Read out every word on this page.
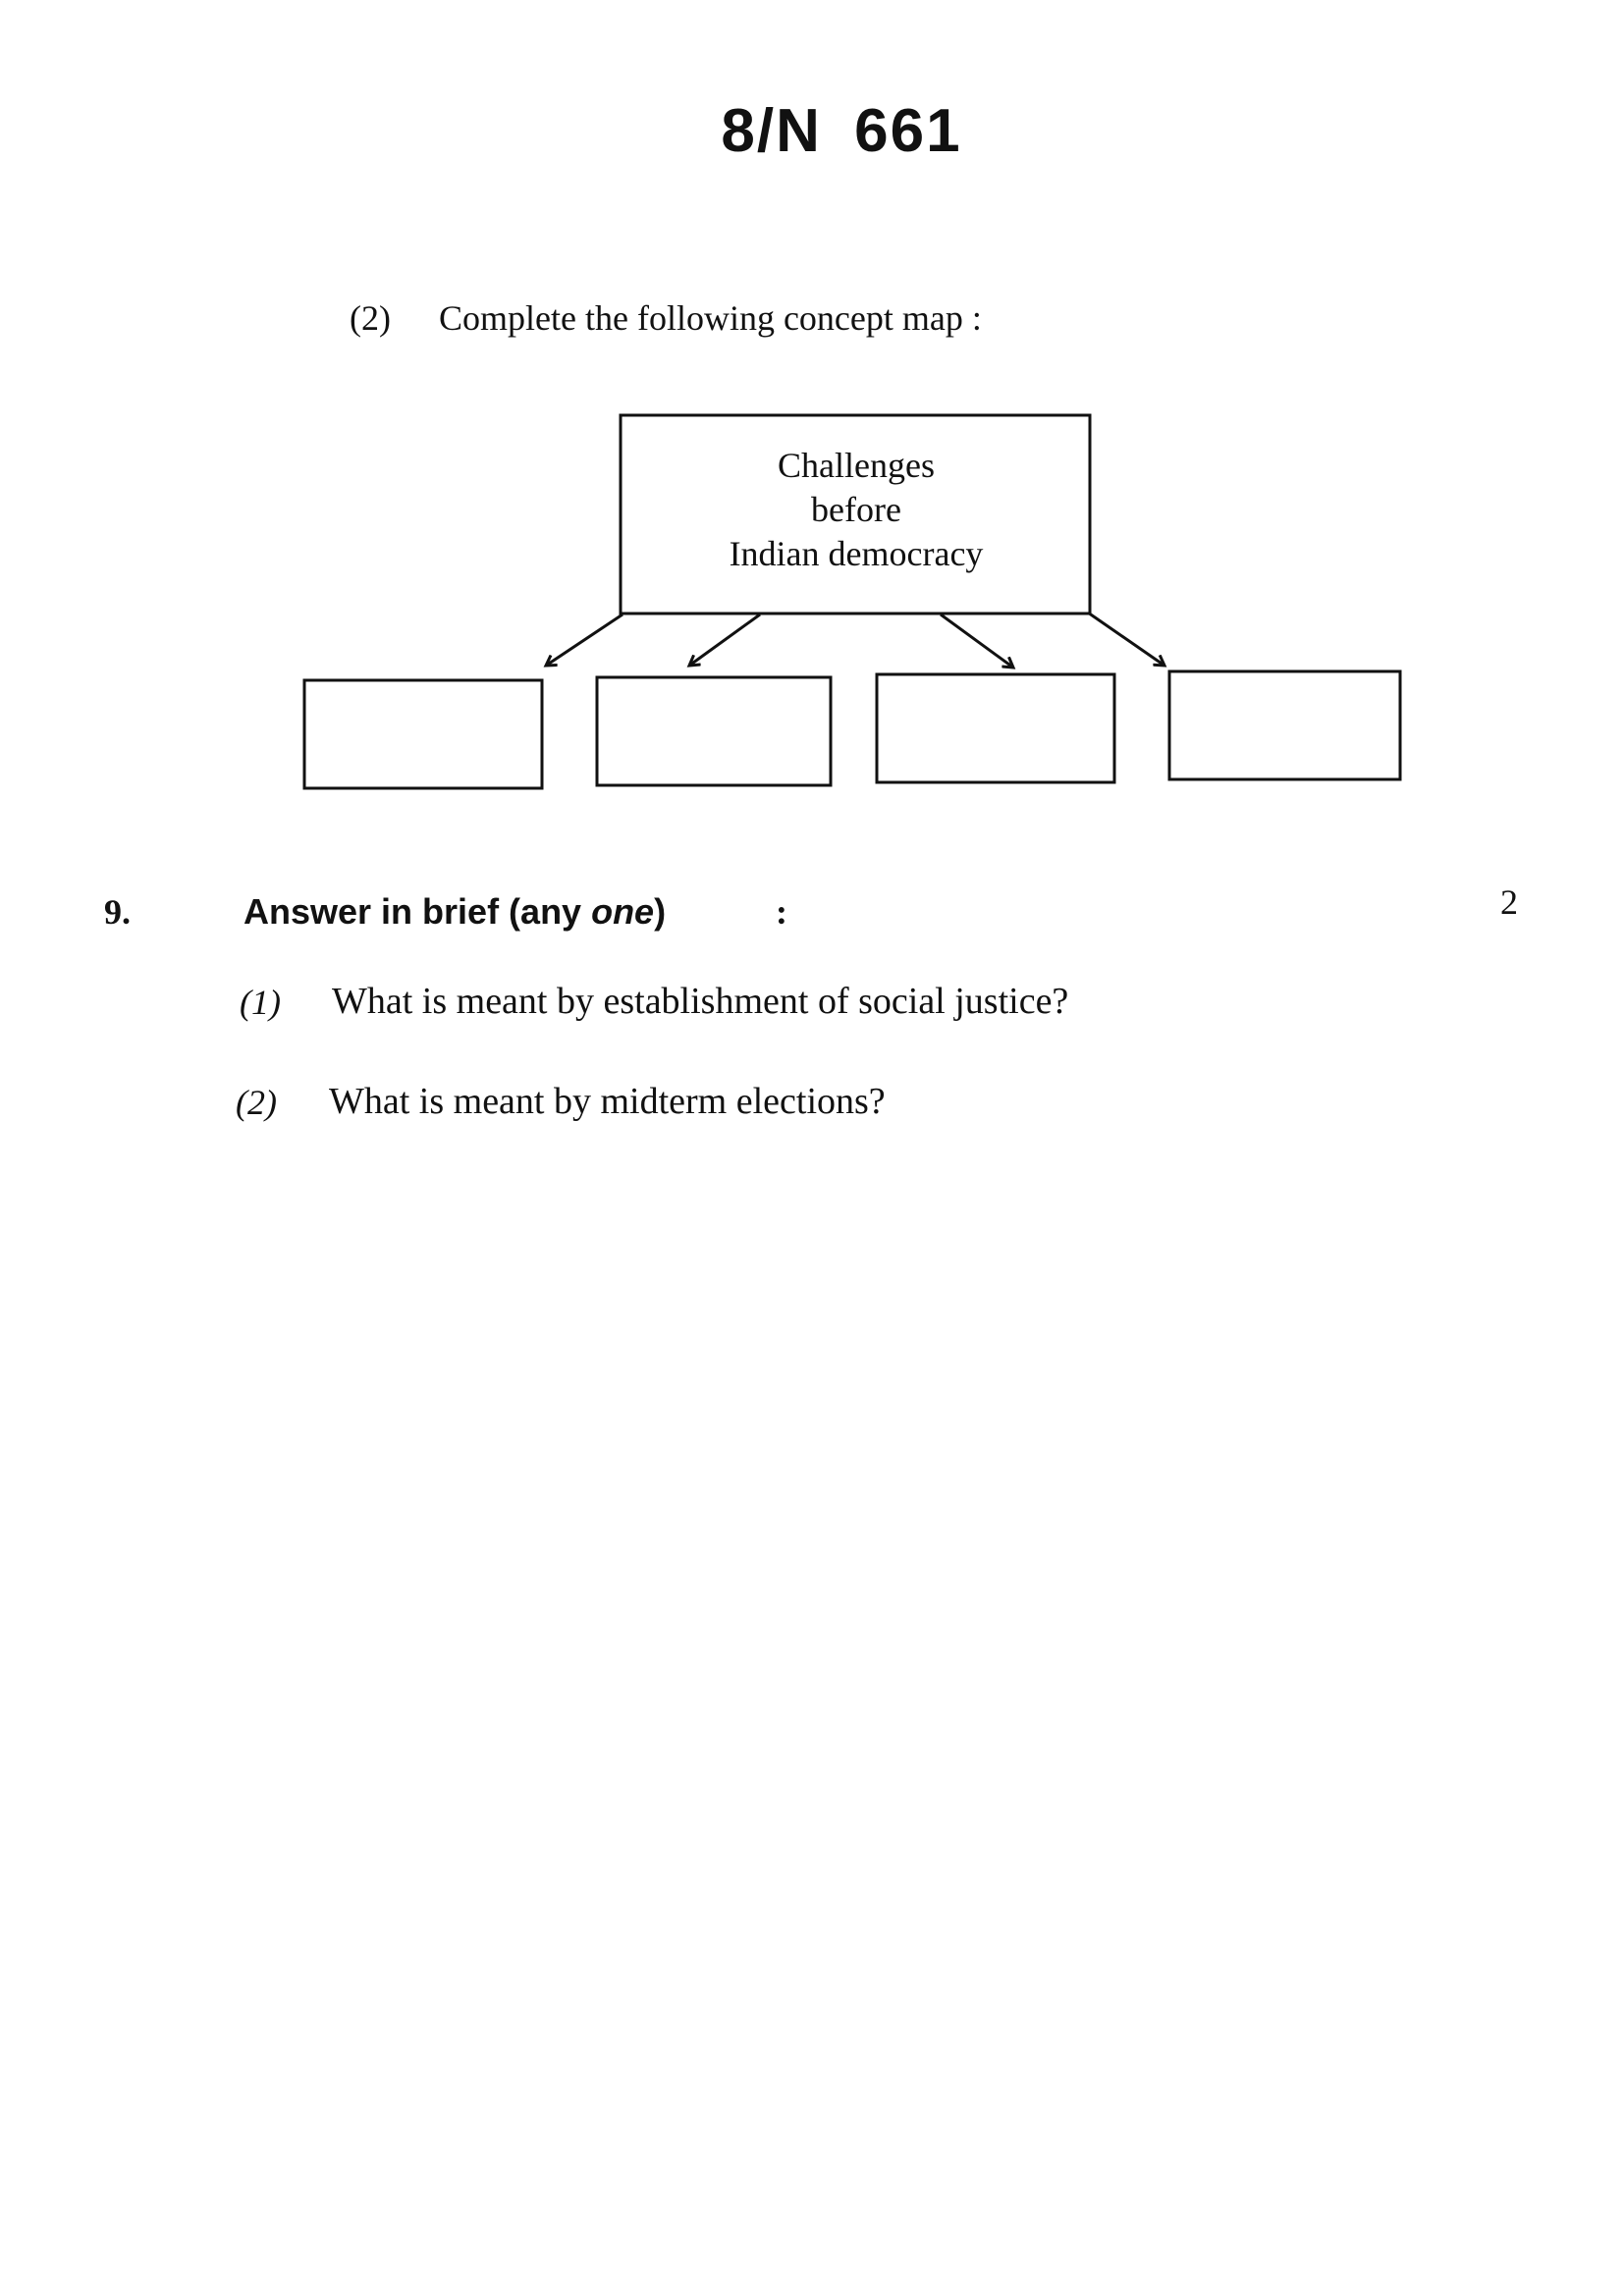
8/N 661
(2) Complete the following concept map :
Challenges
before
Indian democracy
9.	Answer in brief (any one)	:	2
(1) What is meant by establishment of social justice?
(2) What is meant by midterm elections?
